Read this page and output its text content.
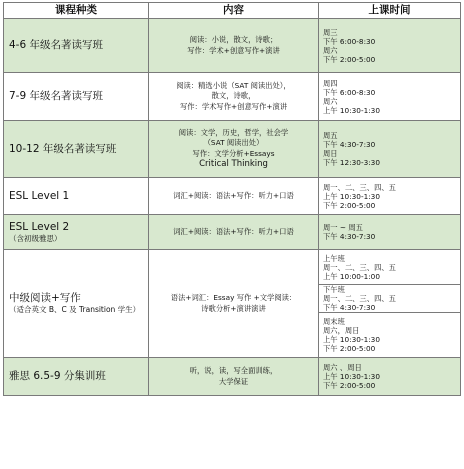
课程种类	内容	上课时间

4-6 年级名著读写班	阅读：小说，散文，诗歌；
写作：学术+创意写作+演讲	周三
下午 6:00-8:30
周六
下午 2:00-5:00

7-9 年级名著读写班	阅读：精选小说（SAT 阅读出处），
散文，诗歌，
写作：学术写作+创意写作+演讲	周四
下午 6:00-8:30
周六
上午 10:30-1:30

10-12 年级名著读写班	阅读：文学，历史，哲学，社会学
（SAT 阅读出处）
写作：文学分析+Essays
Critical Thinking	周五
下午 4:30-7:30
周日
下午 12:30-3:30

ESL Level 1	词汇+阅读：语法+写作：听力+口语	周一、二、三、四、五
上午 10:30-1:30
下午 2:00-5:00

ESL Level 2
（含初级雅思）	词汇+阅读：语法+写作：听力+口语	周一 ~ 周五
下午 4:30-7:30

中级阅读+写作
（适合英文 B、C 及 Transition 学生）	语法+词汇：Essay 写作 +文学阅读：
诗歌分析+演讲演讲	上午班
周一、二、三、四、五
上午 10:00-1:00

		下午班
周一、二、三、四、五
下午 4:30-7:30

		周末班
周六，周日
上午 10:30-1:30
下午 2:00-5:00

雅思 6.5-9 分集训班	听，说，读，写全面训练，
大学保证	周六 、周日
上午 10:30-1:30
下午 2:00-5:00
